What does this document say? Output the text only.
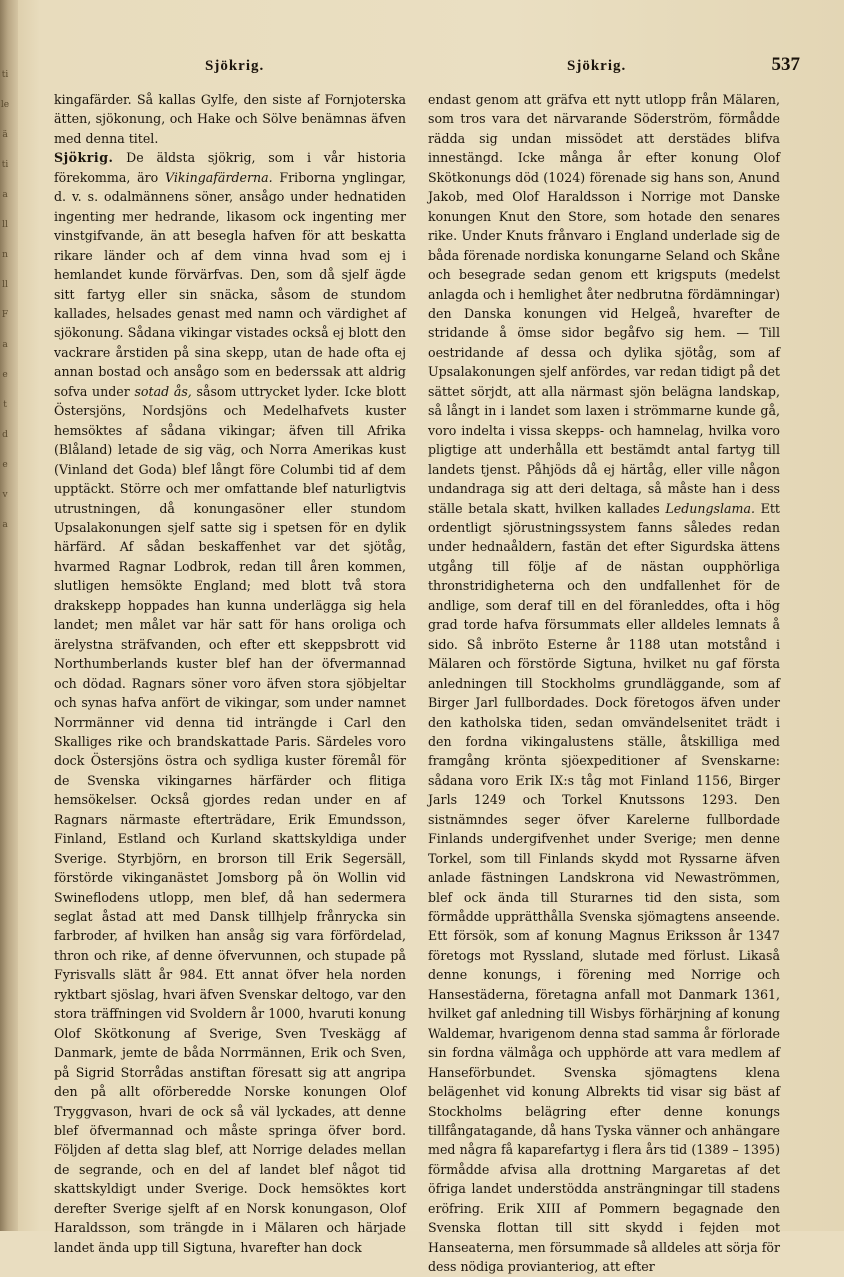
ti
le
ä
ti
a
ll
n
ll
F
a
e
t
d
e
v
a
Sjökrig.	Sjökrig.	537

kingafärder. Så kallas Gylfe, den siste af Fornjoterska ätten, sjökonung, och Hake och Sölve benämnas äfven med denna titel.

Sjökrig. De äldsta sjökrig, som i vår historia förekomma, äro Vikingafärderna. Friborna ynglingar, d. v. s. odalmännens söner, ansågo under hednatiden ingenting mer hedrande, likasom ock ingenting mer vinstgifvande, än att besegla hafven för att beskatta rikare länder och af dem vinna hvad som ej i hemlandet kunde förvärfvas. Den, som då sjelf ägde sitt fartyg eller sin snäcka, såsom de stundom kallades, helsades genast med namn och värdighet af sjökonung. Sådana vikingar vistades också ej blott den vackrare årstiden på sina skepp, utan de hade ofta ej annan bostad och ansågo som en bederssak att aldrig sofva under sotad ås, såsom uttrycket lyder. Icke blott Östersjöns, Nordsjöns och Medelhafvets kuster hemsöktes af sådana vikingar; äfven till Afrika (Blåland) letade de sig väg, och Norra Amerikas kust (Vinland det Goda) blef långt före Columbi tid af dem upptäckt. Större och mer omfattande blef naturligtvis utrustningen, då konungasöner eller stundom Upsalakonungen sjelf satte sig i spetsen för en dylik härfärd. Af sådan beskaffenhet var det sjötåg, hvarmed Ragnar Lodbrok, redan till åren kommen, slutligen hemsökte England; med blott två stora drakskepp hoppades han kunna underlägga sig hela landet; men målet var här satt för hans oroliga och ärelystna sträfvanden, och efter ett skeppsbrott vid Northumberlands kuster blef han der öfvermannad och dödad. Ragnars söner voro äfven stora sjöbjeltar och synas hafva anfört de vikingar, som under namnet Norrmänner vid denna tid inträngde i Carl den Skalliges rike och brandskattade Paris. Särdeles voro dock Östersjöns östra och sydliga kuster föremål för de Svenska vikingarnes härfärder och flitiga hemsökelser. Också gjordes redan under en af Ragnars närmaste efterträdare, Erik Emundsson, Finland, Estland och Kurland skattskyldiga under Sverige. Styrbjörn, en brorson till Erik Segersäll, förstörde vikinganästet Jomsborg på ön Wollin vid Swineflodens utlopp, men blef, då han sedermera seglat åstad att med Dansk tillhjelp frånrycka sin farbroder, af hvilken han ansåg sig vara förfördelad, thron och rike, af denne öfvervunnen, och stupade på Fyrisvalls slätt år 984. Ett annat öfver hela norden ryktbart sjöslag, hvari äfven Svenskar deltogo, var den stora träffningen vid Svoldern år 1000, hvaruti konung Olof Skötkonung af Sverige, Sven Tveskägg af Danmark, jemte de båda Norrmännen, Erik och Sven, på Sigrid Storrådas anstiftan föresatt sig att angripa den på allt oförberedde Norske konungen Olof Tryggvason, hvari de ock så väl lyckades, att denne blef öfvermannad och måste springa öfver bord. Följden af detta slag blef, att Norrige delades mellan de segrande, och en del af landet blef något tid skattskyldigt under Sverige. Dock hemsöktes kort derefter Sverige sjelft af en Norsk konungason, Olof Haraldsson, som trängde in i Mälaren och härjade landet ända upp till Sigtuna, hvarefter han dock

endast genom att gräfva ett nytt utlopp från Mälaren, som tros vara det närvarande Söderström, förmådde rädda sig undan missödet att derstädes blifva innestängd. Icke många år efter konung Olof Skötkonungs död (1024) förenade sig hans son, Anund Jakob, med Olof Haraldsson i Norrige mot Danske konungen Knut den Store, som hotade den senares rike. Under Knuts frånvaro i England underlade sig de båda förenade nordiska konungarne Seland och Skåne och besegrade sedan genom ett krigsputs (medelst anlagda och i hemlighet åter nedbrutna fördämningar) den Danska konungen vid Helgeå, hvarefter de stridande å ömse sidor begåfvo sig hem. — Till oestridande af dessa och dylika sjötåg, som af Upsalakonungen sjelf anfördes, var redan tidigt på det sättet sörjdt, att alla närmast sjön belägna landskap, så långt in i landet som laxen i strömmarne kunde gå, voro indelta i vissa skepps- och hamnelag, hvilka voro pligtige att underhålla ett bestämdt antal fartyg till landets tjenst. Påhjöds då ej härtåg, eller ville någon undandraga sig att deri deltaga, så måste han i dess ställe betala skatt, hvilken kallades Ledungslama. Ett ordentligt sjörustningssystem fanns således redan under hednaåldern, fastän det efter Sigurdska ättens utgång till följe af de nästan oupphörliga thronstridigheterna och den undfallenhet för de andlige, som deraf till en del föranleddes, ofta i hög grad torde hafva försummats eller alldeles lemnats å sido. Så inbröto Esterne år 1188 utan motstånd i Mälaren och förstörde Sigtuna, hvilket nu gaf första anledningen till Stockholms grundläggande, som af Birger Jarl fullbordades. Dock företogos äfven under den katholska tiden, sedan omvändelsenitet trädt i den fordna vikingalustens ställe, åtskilliga med framgång krönta sjöexpeditioner af Svenskarne: sådana voro Erik IX:s tåg mot Finland 1156, Birger Jarls 1249 och Torkel Knutssons 1293. Den sistnämndes seger öfver Karelerne fullbordade Finlands undergifvenhet under Sverige; men denne Torkel, som till Finlands skydd mot Ryssarne äfven anlade fästningen Landskrona vid Newaströmmen, blef ock ända till Sturarnes tid den sista, som förmådde upprätthålla Svenska sjömagtens anseende. Ett försök, som af konung Magnus Eriksson år 1347 företogs mot Ryssland, slutade med förlust. Likaså denne konungs, i förening med Norrige och Hansestäderna, företagna anfall mot Danmark 1361, hvilket gaf anledning till Wisbys förhärjning af konung Waldemar, hvarigenom denna stad samma år förlorade sin fordna välmåga och upphörde att vara medlem af Hanseförbundet. Svenska sjömagtens klena belägenhet vid konung Albrekts tid visar sig bäst af Stockholms belägring efter denne konungs tillfångatagande, då hans Tyska vänner och anhängare med några få kaparefartyg i flera års tid (1389 – 1395) förmådde afvisa alla drottning Margaretas af det öfriga landet understödda ansträngningar till stadens eröfring. Erik XIII af Pommern begagnade den Svenska flottan till sitt skydd i fejden mot Hanseaterna, men försummade så alldeles att sörja för dess nödiga provianteriog, att efter
